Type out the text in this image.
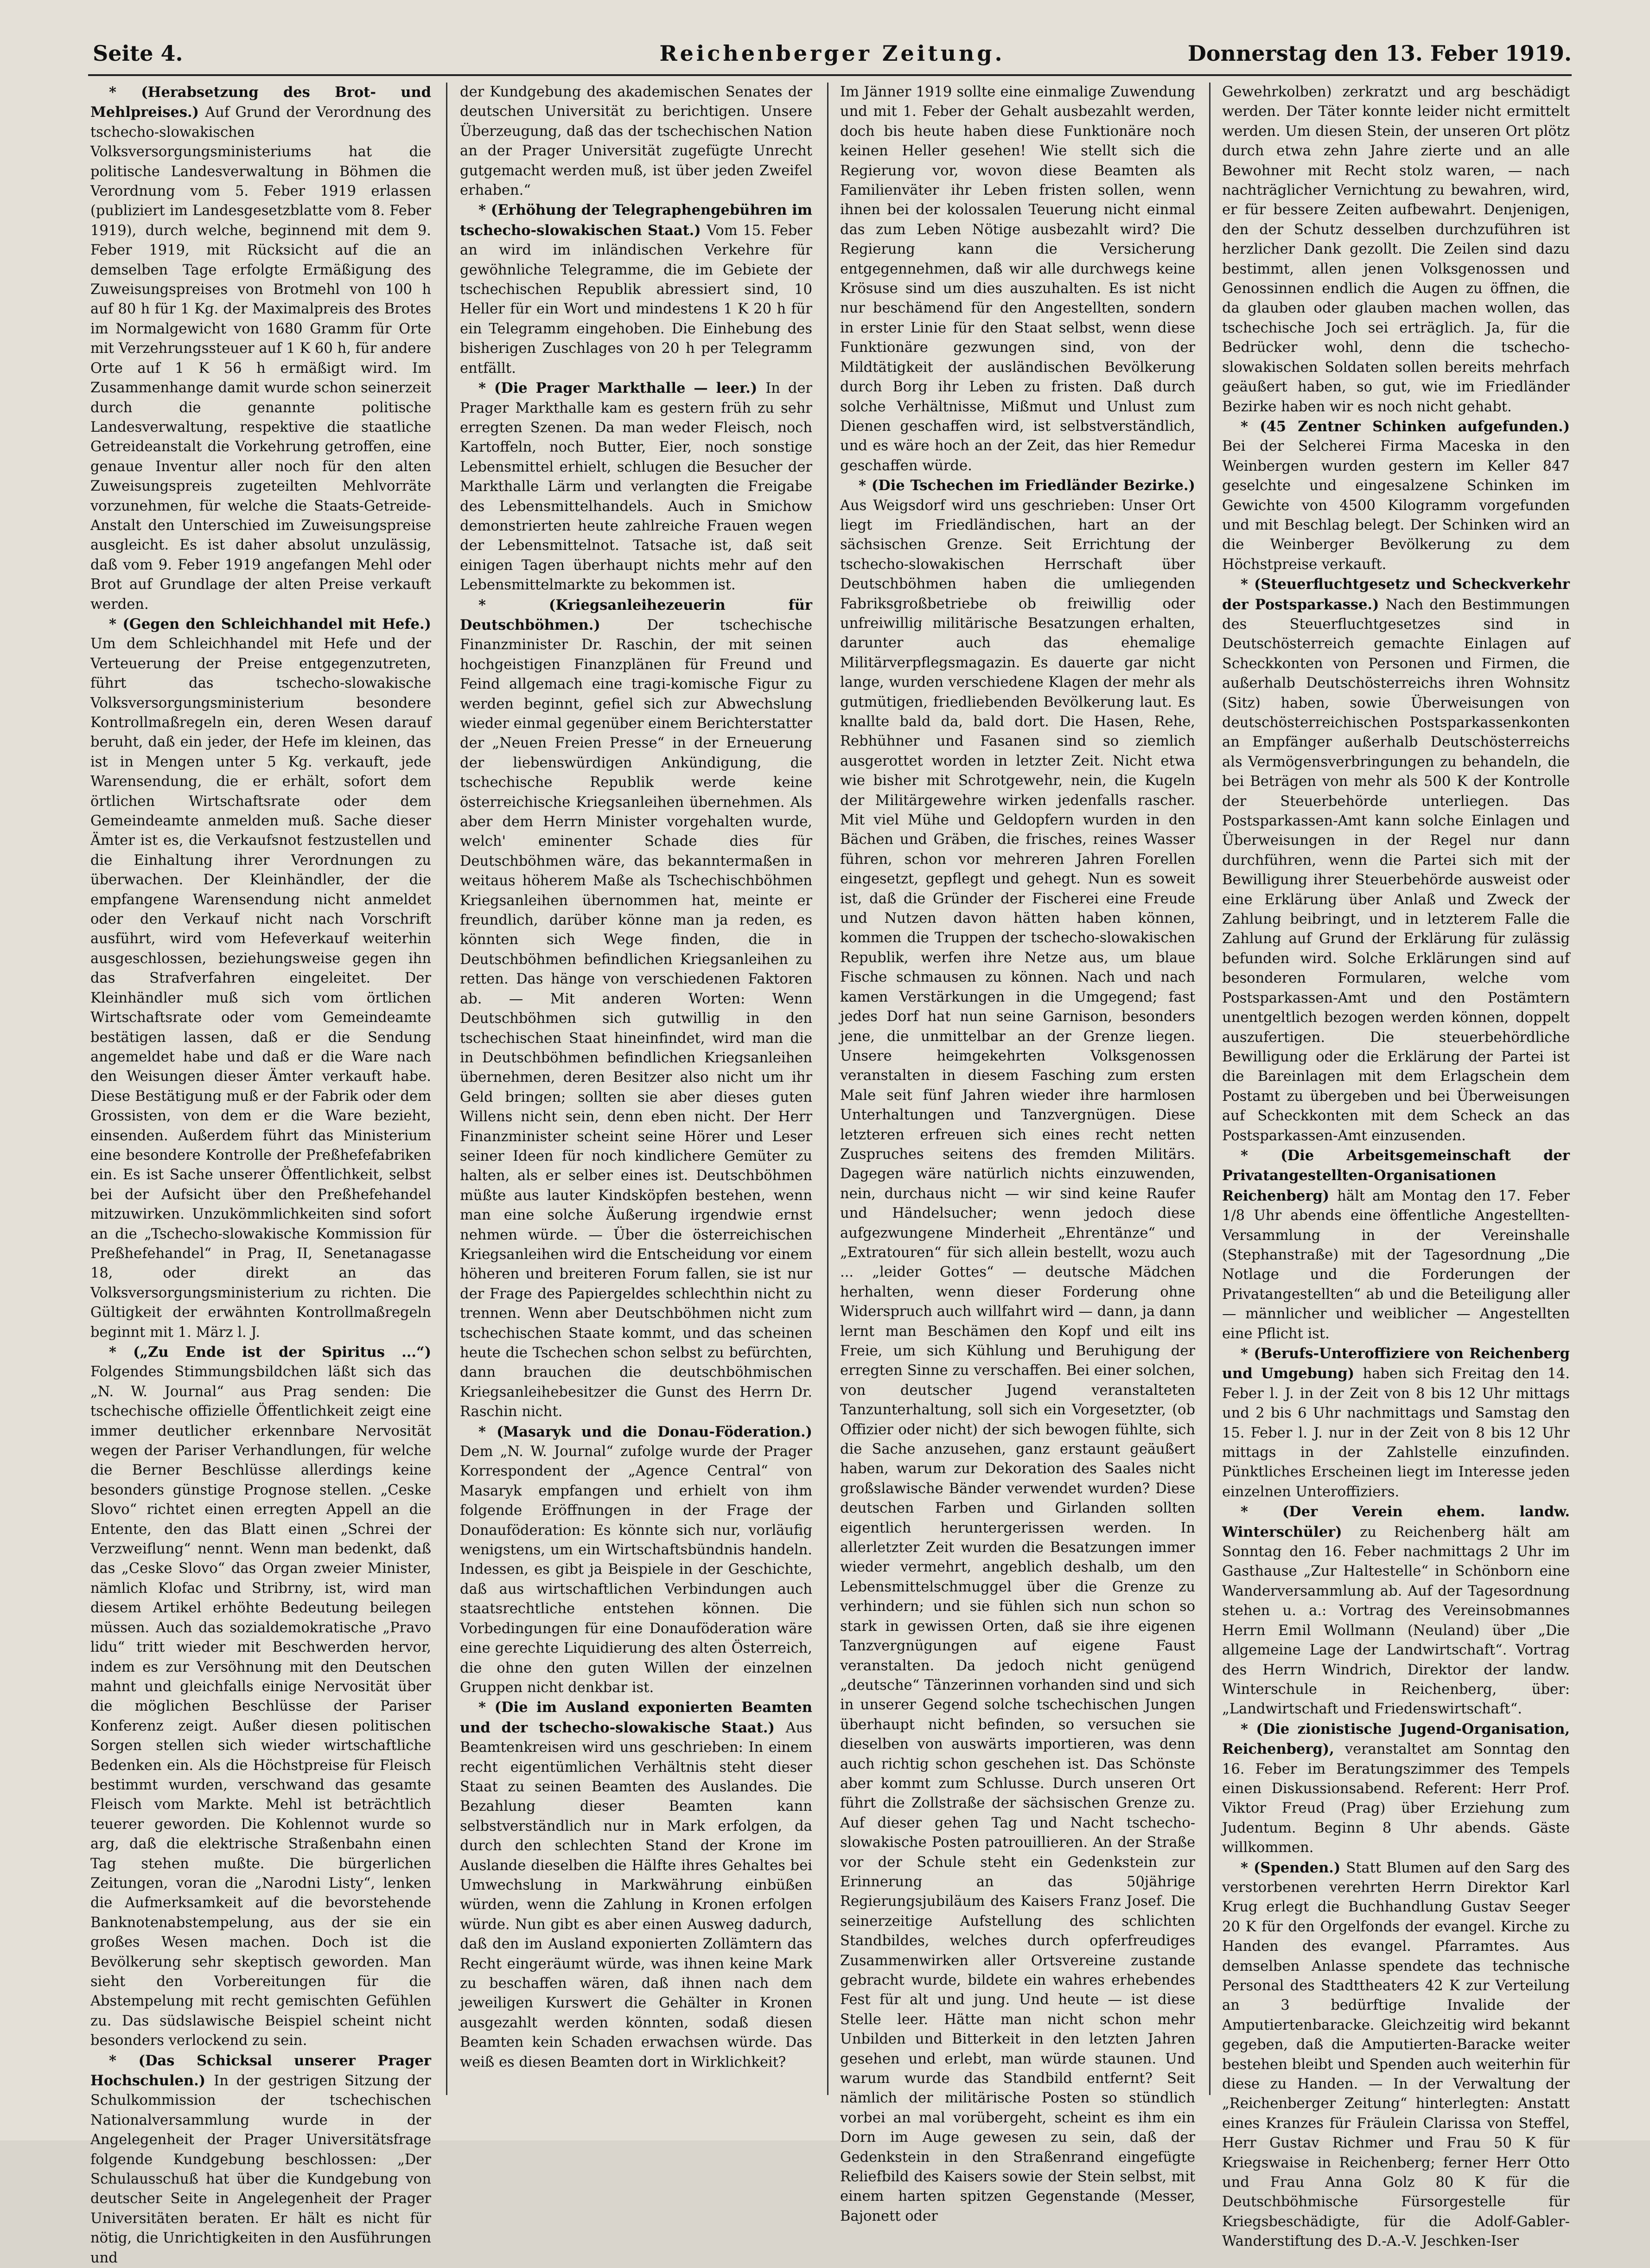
Seite 4.	Reichenberger Zeitung.	Donnerstag den 13. Feber 1919.

* (Herabsetzung des Brot- und Mehlpreises.) Auf Grund der Verordnung des tschecho-slowakischen Volksversorgungsministeriums hat die politische Landesverwaltung in Böhmen die Verordnung vom 5. Feber 1919 erlassen (publiziert im Landesgesetzblatte vom 8. Feber 1919), durch welche, beginnend mit dem 9. Feber 1919, mit Rücksicht auf die an demselben Tage erfolgte Ermäßigung des Zuweisungspreises von Brotmehl von 100 h auf 80 h für 1 Kg. der Maximalpreis des Brotes im Normalgewicht von 1680 Gramm für Orte mit Verzehrungssteuer auf 1 K 60 h, für andere Orte auf 1 K 56 h ermäßigt wird. Im Zusammenhange damit wurde schon seinerzeit durch die genannte politische Landesverwaltung, respektive die staatliche Getreideanstalt die Vorkehrung getroffen, eine genaue Inventur aller noch für den alten Zuweisungspreis zugeteilten Mehlvorräte vorzunehmen, für welche die Staats-Getreide-Anstalt den Unterschied im Zuweisungspreise ausgleicht. Es ist daher absolut unzulässig, daß vom 9. Feber 1919 angefangen Mehl oder Brot auf Grundlage der alten Preise verkauft werden.

* (Gegen den Schleichhandel mit Hefe.) Um dem Schleichhandel mit Hefe und der Verteuerung der Preise entgegenzutreten, führt das tschecho-slowakische Volksversorgungsministerium besondere Kontrollmaßregeln ein, deren Wesen darauf beruht, daß ein jeder, der Hefe im kleinen, das ist in Mengen unter 5 Kg. verkauft, jede Warensendung, die er erhält, sofort dem örtlichen Wirtschaftsrate oder dem Gemeindeamte anmelden muß. Sache dieser Ämter ist es, die Verkaufsnot festzustellen und die Einhaltung ihrer Verordnungen zu überwachen. Der Kleinhändler, der die empfangene Warensendung nicht anmeldet oder den Verkauf nicht nach Vorschrift ausführt, wird vom Hefeverkauf weiterhin ausgeschlossen, beziehungsweise gegen ihn das Strafverfahren eingeleitet. Der Kleinhändler muß sich vom örtlichen Wirtschaftsrate oder vom Gemeindeamte bestätigen lassen, daß er die Sendung angemeldet habe und daß er die Ware nach den Weisungen dieser Ämter verkauft habe. Diese Bestätigung muß er der Fabrik oder dem Grossisten, von dem er die Ware bezieht, einsenden. Außerdem führt das Ministerium eine besondere Kontrolle der Preßhefefabriken ein. Es ist Sache unserer Öffentlichkeit, selbst bei der Aufsicht über den Preßhefehandel mitzuwirken. Unzukömmlichkeiten sind sofort an die „Tschecho-slowakische Kommission für Preßhefehandel“ in Prag, II, Senetanagasse 18, oder direkt an das Volksversorgungsministerium zu richten. Die Gültigkeit der erwähnten Kontrollmaßregeln beginnt mit 1. März l. J.

* („Zu Ende ist der Spiritus ...“) Folgendes Stimmungsbildchen läßt sich das „N. W. Journal“ aus Prag senden: Die tschechische offizielle Öffentlichkeit zeigt eine immer deutlicher erkennbare Nervosität wegen der Pariser Verhandlungen, für welche die Berner Beschlüsse allerdings keine besonders günstige Prognose stellen. „Ceske Slovo“ richtet einen erregten Appell an die Entente, den das Blatt einen „Schrei der Verzweiflung“ nennt. Wenn man bedenkt, daß das „Ceske Slovo“ das Organ zweier Minister, nämlich Klofac und Stribrny, ist, wird man diesem Artikel erhöhte Bedeutung beilegen müssen. Auch das sozialdemokratische „Pravo lidu“ tritt wieder mit Beschwerden hervor, indem es zur Versöhnung mit den Deutschen mahnt und gleichfalls einige Nervosität über die möglichen Beschlüsse der Pariser Konferenz zeigt. Außer diesen politischen Sorgen stellen sich wieder wirtschaftliche Bedenken ein. Als die Höchstpreise für Fleisch bestimmt wurden, verschwand das gesamte Fleisch vom Markte. Mehl ist beträchtlich teuerer geworden. Die Kohlennot wurde so arg, daß die elektrische Straßenbahn einen Tag stehen mußte. Die bürgerlichen Zeitungen, voran die „Narodni Listy“, lenken die Aufmerksamkeit auf die bevorstehende Banknotenabstempelung, aus der sie ein großes Wesen machen. Doch ist die Bevölkerung sehr skeptisch geworden. Man sieht den Vorbereitungen für die Abstempelung mit recht gemischten Gefühlen zu. Das südslawische Beispiel scheint nicht besonders verlockend zu sein.

* (Das Schicksal unserer Prager Hochschulen.) In der gestrigen Sitzung der Schulkommission der tschechischen Nationalversammlung wurde in der Angelegenheit der Prager Universitätsfrage folgende Kundgebung beschlossen: „Der Schulausschuß hat über die Kundgebung von deutscher Seite in Angelegenheit der Prager Universitäten beraten. Er hält es nicht für nötig, die Unrichtigkeiten in den Ausführungen und

der Kundgebung des akademischen Senates der deutschen Universität zu berichtigen. Unsere Überzeugung, daß das der tschechischen Nation an der Prager Universität zugefügte Unrecht gutgemacht werden muß, ist über jeden Zweifel erhaben.“

* (Erhöhung der Telegraphengebühren im tschecho-slowakischen Staat.) Vom 15. Feber an wird im inländischen Verkehre für gewöhnliche Telegramme, die im Gebiete der tschechischen Republik abressiert sind, 10 Heller für ein Wort und mindestens 1 K 20 h für ein Telegramm eingehoben. Die Einhebung des bisherigen Zuschlages von 20 h per Telegramm entfällt.

* (Die Prager Markthalle — leer.) In der Prager Markthalle kam es gestern früh zu sehr erregten Szenen. Da man weder Fleisch, noch Kartoffeln, noch Butter, Eier, noch sonstige Lebensmittel erhielt, schlugen die Besucher der Markthalle Lärm und verlangten die Freigabe des Lebensmittelhandels. Auch in Smichow demonstrierten heute zahlreiche Frauen wegen der Lebensmittelnot. Tatsache ist, daß seit einigen Tagen überhaupt nichts mehr auf den Lebensmittelmarkte zu bekommen ist.

* (Kriegsanleihezeuerin für Deutschböhmen.) Der tschechische Finanzminister Dr. Raschin, der mit seinen hochgeistigen Finanzplänen für Freund und Feind allgemach eine tragi-komische Figur zu werden beginnt, gefiel sich zur Abwechslung wieder einmal gegenüber einem Berichterstatter der „Neuen Freien Presse“ in der Erneuerung der liebenswürdigen Ankündigung, die tschechische Republik werde keine österreichische Kriegsanleihen übernehmen. Als aber dem Herrn Minister vorgehalten wurde, welch' eminenter Schade dies für Deutschböhmen wäre, das bekanntermaßen in weitaus höherem Maße als Tschechischböhmen Kriegsanleihen übernommen hat, meinte er freundlich, darüber könne man ja reden, es könnten sich Wege finden, die in Deutschböhmen befindlichen Kriegsanleihen zu retten. Das hänge von verschiedenen Faktoren ab. — Mit anderen Worten: Wenn Deutschböhmen sich gutwillig in den tschechischen Staat hineinfindet, wird man die in Deutschböhmen befindlichen Kriegsanleihen übernehmen, deren Besitzer also nicht um ihr Geld bringen; sollten sie aber dieses guten Willens nicht sein, denn eben nicht. Der Herr Finanzminister scheint seine Hörer und Leser seiner Ideen für noch kindlichere Gemüter zu halten, als er selber eines ist. Deutschböhmen müßte aus lauter Kindsköpfen bestehen, wenn man eine solche Äußerung irgendwie ernst nehmen würde. — Über die österreichischen Kriegsanleihen wird die Entscheidung vor einem höheren und breiteren Forum fallen, sie ist nur der Frage des Papiergeldes schlechthin nicht zu trennen. Wenn aber Deutschböhmen nicht zum tschechischen Staate kommt, und das scheinen heute die Tschechen schon selbst zu befürchten, dann brauchen die deutschböhmischen Kriegsanleihebesitzer die Gunst des Herrn Dr. Raschin nicht.

* (Masaryk und die Donau-Föderation.) Dem „N. W. Journal“ zufolge wurde der Prager Korrespondent der „Agence Central“ von Masaryk empfangen und erhielt von ihm folgende Eröffnungen in der Frage der Donauföderation: Es könnte sich nur, vorläufig wenigstens, um ein Wirtschaftsbündnis handeln. Indessen, es gibt ja Beispiele in der Geschichte, daß aus wirtschaftlichen Verbindungen auch staatsrechtliche entstehen können. Die Vorbedingungen für eine Donauföderation wäre eine gerechte Liquidierung des alten Österreich, die ohne den guten Willen der einzelnen Gruppen nicht denkbar ist.

* (Die im Ausland exponierten Beamten und der tschecho-slowakische Staat.) Aus Beamtenkreisen wird uns geschrieben: In einem recht eigentümlichen Verhältnis steht dieser Staat zu seinen Beamten des Auslandes. Die Bezahlung dieser Beamten kann selbstverständlich nur in Mark erfolgen, da durch den schlechten Stand der Krone im Auslande dieselben die Hälfte ihres Gehaltes bei Umwechslung in Markwährung einbüßen würden, wenn die Zahlung in Kronen erfolgen würde. Nun gibt es aber einen Ausweg dadurch, daß den im Ausland exponierten Zollämtern das Recht eingeräumt würde, was ihnen keine Mark zu beschaffen wären, daß ihnen nach dem jeweiligen Kurswert die Gehälter in Kronen ausgezahlt werden könnten, sodaß diesen Beamten kein Schaden erwachsen würde. Das weiß es diesen Beamten dort in Wirklichkeit?

Im Jänner 1919 sollte eine einmalige Zuwendung und mit 1. Feber der Gehalt ausbezahlt werden, doch bis heute haben diese Funktionäre noch keinen Heller gesehen! Wie stellt sich die Regierung vor, wovon diese Beamten als Familienväter ihr Leben fristen sollen, wenn ihnen bei der kolossalen Teuerung nicht einmal das zum Leben Nötige ausbezahlt wird? Die Regierung kann die Versicherung entgegennehmen, daß wir alle durchwegs keine Krösuse sind um dies auszuhalten. Es ist nicht nur beschämend für den Angestellten, sondern in erster Linie für den Staat selbst, wenn diese Funktionäre gezwungen sind, von der Mildtätigkeit der ausländischen Bevölkerung durch Borg ihr Leben zu fristen. Daß durch solche Verhältnisse, Mißmut und Unlust zum Dienen geschaffen wird, ist selbstverständlich, und es wäre hoch an der Zeit, das hier Remedur geschaffen würde.

* (Die Tschechen im Friedländer Bezirke.) Aus Weigsdorf wird uns geschrieben: Unser Ort liegt im Friedländischen, hart an der sächsischen Grenze. Seit Errichtung der tschecho-slowakischen Herrschaft über Deutschböhmen haben die umliegenden Fabriksgroßbetriebe ob freiwillig oder unfreiwillig militärische Besatzungen erhalten, darunter auch das ehemalige Militärverpflegsmagazin. Es dauerte gar nicht lange, wurden verschiedene Klagen der mehr als gutmütigen, friedliebenden Bevölkerung laut. Es knallte bald da, bald dort. Die Hasen, Rehe, Rebhühner und Fasanen sind so ziemlich ausgerottet worden in letzter Zeit. Nicht etwa wie bisher mit Schrotgewehr, nein, die Kugeln der Militärgewehre wirken jedenfalls rascher. Mit viel Mühe und Geldopfern wurden in den Bächen und Gräben, die frisches, reines Wasser führen, schon vor mehreren Jahren Forellen eingesetzt, gepflegt und gehegt. Nun es soweit ist, daß die Gründer der Fischerei eine Freude und Nutzen davon hätten haben können, kommen die Truppen der tschecho-slowakischen Republik, werfen ihre Netze aus, um blaue Fische schmausen zu können. Nach und nach kamen Verstärkungen in die Umgegend; fast jedes Dorf hat nun seine Garnison, besonders jene, die unmittelbar an der Grenze liegen. Unsere heimgekehrten Volksgenossen veranstalten in diesem Fasching zum ersten Male seit fünf Jahren wieder ihre harmlosen Unterhaltungen und Tanzvergnügen. Diese letzteren erfreuen sich eines recht netten Zuspruches seitens des fremden Militärs. Dagegen wäre natürlich nichts einzuwenden, nein, durchaus nicht — wir sind keine Raufer und Händelsucher; wenn jedoch diese aufgezwungene Minderheit „Ehrentänze“ und „Extratouren“ für sich allein bestellt, wozu auch ... „leider Gottes“ — deutsche Mädchen herhalten, wenn dieser Forderung ohne Widerspruch auch willfahrt wird — dann, ja dann lernt man Beschämen den Kopf und eilt ins Freie, um sich Kühlung und Beruhigung der erregten Sinne zu verschaffen. Bei einer solchen, von deutscher Jugend veranstalteten Tanzunterhaltung, soll sich ein Vorgesetzter, (ob Offizier oder nicht) der sich bewogen fühlte, sich die Sache anzusehen, ganz erstaunt geäußert haben, warum zur Dekoration des Saales nicht großslawische Bänder verwendet wurden? Diese deutschen Farben und Girlanden sollten eigentlich heruntergerissen werden. In allerletzter Zeit wurden die Besatzungen immer wieder vermehrt, angeblich deshalb, um den Lebensmittelschmuggel über die Grenze zu verhindern; und sie fühlen sich nun schon so stark in gewissen Orten, daß sie ihre eigenen Tanzvergnügungen auf eigene Faust veranstalten. Da jedoch nicht genügend „deutsche“ Tänzerinnen vorhanden sind und sich in unserer Gegend solche tschechischen Jungen überhaupt nicht befinden, so versuchen sie dieselben von auswärts importieren, was denn auch richtig schon geschehen ist. Das Schönste aber kommt zum Schlusse. Durch unseren Ort führt die Zollstraße der sächsischen Grenze zu. Auf dieser gehen Tag und Nacht tschecho-slowakische Posten patrouillieren. An der Straße vor der Schule steht ein Gedenkstein zur Erinnerung an das 50jährige Regierungsjubiläum des Kaisers Franz Josef. Die seinerzeitige Aufstellung des schlichten Standbildes, welches durch opferfreudiges Zusammenwirken aller Ortsvereine zustande gebracht wurde, bildete ein wahres erhebendes Fest für alt und jung. Und heute — ist diese Stelle leer. Hätte man nicht schon mehr Unbilden und Bitterkeit in den letzten Jahren gesehen und erlebt, man würde staunen. Und warum wurde das Standbild entfernt? Seit nämlich der militärische Posten so stündlich vorbei an mal vorübergeht, scheint es ihm ein Dorn im Auge gewesen zu sein, daß der Gedenkstein in den Straßenrand eingefügte Reliefbild des Kaisers sowie der Stein selbst, mit einem harten spitzen Gegenstande (Messer, Bajonett oder

Gewehrkolben) zerkratzt und arg beschädigt werden. Der Täter konnte leider nicht ermittelt werden. Um diesen Stein, der unseren Ort plötz durch etwa zehn Jahre zierte und an alle Bewohner mit Recht stolz waren, — nach nachträglicher Vernichtung zu bewahren, wird, er für bessere Zeiten aufbewahrt. Denjenigen, den der Schutz desselben durchzuführen ist herzlicher Dank gezollt. Die Zeilen sind dazu bestimmt, allen jenen Volksgenossen und Genossinnen endlich die Augen zu öffnen, die da glauben oder glauben machen wollen, das tschechische Joch sei erträglich. Ja, für die Bedrücker wohl, denn die tschecho-slowakischen Soldaten sollen bereits mehrfach geäußert haben, so gut, wie im Friedländer Bezirke haben wir es noch nicht gehabt.

* (45 Zentner Schinken aufgefunden.) Bei der Selcherei Firma Maceska in den Weinbergen wurden gestern im Keller 847 geselchte und eingesalzene Schinken im Gewichte von 4500 Kilogramm vorgefunden und mit Beschlag belegt. Der Schinken wird an die Weinberger Bevölkerung zu dem Höchstpreise verkauft.

* (Steuerfluchtgesetz und Scheckverkehr der Postsparkasse.) Nach den Bestimmungen des Steuerfluchtgesetzes sind in Deutschösterreich gemachte Einlagen auf Scheckkonten von Personen und Firmen, die außerhalb Deutschösterreichs ihren Wohnsitz (Sitz) haben, sowie Überweisungen von deutschösterreichischen Postsparkassenkonten an Empfänger außerhalb Deutschösterreichs als Vermögensverbringungen zu behandeln, die bei Beträgen von mehr als 500 K der Kontrolle der Steuerbehörde unterliegen. Das Postsparkassen-Amt kann solche Einlagen und Überweisungen in der Regel nur dann durchführen, wenn die Partei sich mit der Bewilligung ihrer Steuerbehörde ausweist oder eine Erklärung über Anlaß und Zweck der Zahlung beibringt, und in letzterem Falle die Zahlung auf Grund der Erklärung für zulässig befunden wird. Solche Erklärungen sind auf besonderen Formularen, welche vom Postsparkassen-Amt und den Postämtern unentgeltlich bezogen werden können, doppelt auszufertigen. Die steuerbehördliche Bewilligung oder die Erklärung der Partei ist die Bareinlagen mit dem Erlagschein dem Postamt zu übergeben und bei Überweisungen auf Scheckkonten mit dem Scheck an das Postsparkassen-Amt einzusenden.

* (Die Arbeitsgemeinschaft der Privatangestellten-Organisationen Reichenberg) hält am Montag den 17. Feber 1/8 Uhr abends eine öffentliche Angestellten-Versammlung in der Vereinshalle (Stephanstraße) mit der Tagesordnung „Die Notlage und die Forderungen der Privatangestellten“ ab und die Beteiligung aller — männlicher und weiblicher — Angestellten eine Pflicht ist.

* (Berufs-Unteroffiziere von Reichenberg und Umgebung) haben sich Freitag den 14. Feber l. J. in der Zeit von 8 bis 12 Uhr mittags und 2 bis 6 Uhr nachmittags und Samstag den 15. Feber l. J. nur in der Zeit von 8 bis 12 Uhr mittags in der Zahlstelle einzufinden. Pünktliches Erscheinen liegt im Interesse jeden einzelnen Unteroffiziers.

* (Der Verein ehem. landw. Winterschüler) zu Reichenberg hält am Sonntag den 16. Feber nachmittags 2 Uhr im Gasthause „Zur Haltestelle“ in Schönborn eine Wanderversammlung ab. Auf der Tagesordnung stehen u. a.: Vortrag des Vereinsobmannes Herrn Emil Wollmann (Neuland) über „Die allgemeine Lage der Landwirtschaft“. Vortrag des Herrn Windrich, Direktor der landw. Winterschule in Reichenberg, über: „Landwirtschaft und Friedenswirtschaft“.

* (Die zionistische Jugend-Organisation, Reichenberg), veranstaltet am Sonntag den 16. Feber im Beratungszimmer des Tempels einen Diskussionsabend. Referent: Herr Prof. Viktor Freud (Prag) über Erziehung zum Judentum. Beginn 8 Uhr abends. Gäste willkommen.

* (Spenden.) Statt Blumen auf den Sarg des verstorbenen verehrten Herrn Direktor Karl Krug erlegt die Buchhandlung Gustav Seeger 20 K für den Orgelfonds der evangel. Kirche zu Handen des evangel. Pfarramtes. Aus demselben Anlasse spendete das technische Personal des Stadttheaters 42 K zur Verteilung an 3 bedürftige Invalide der Amputiertenbaracke. Gleichzeitig wird bekannt gegeben, daß die Amputierten-Baracke weiter bestehen bleibt und Spenden auch weiterhin für diese zu Handen. — In der Verwaltung der „Reichenberger Zeitung“ hinterlegten: Anstatt eines Kranzes für Fräulein Clarissa von Steffel, Herr Gustav Richmer und Frau 50 K für Kriegswaise in Reichenberg; ferner Herr Otto und Frau Anna Golz 80 K für die Deutschböhmische Fürsorgestelle für Kriegsbeschädigte, für die Adolf-Gabler-Wanderstiftung des D.-A.-V. Jeschken-Iser
